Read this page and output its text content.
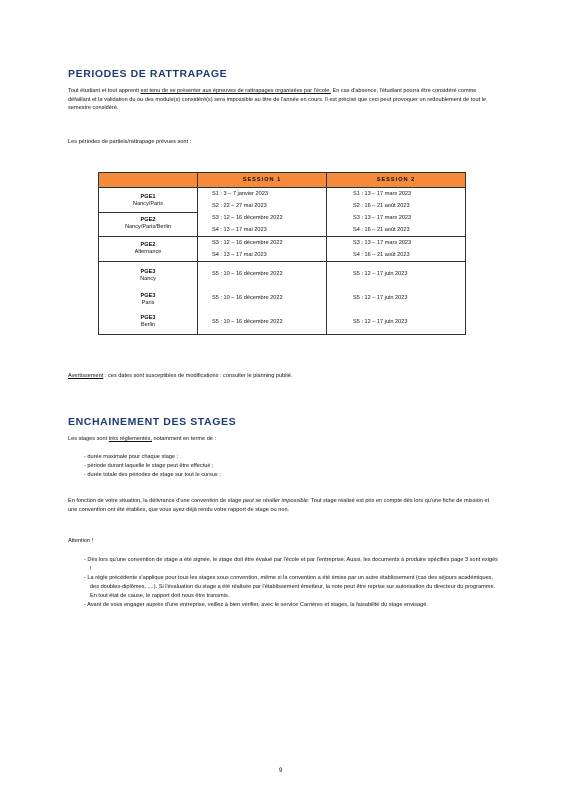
PERIODES DE RATTRAPAGE
Tout étudiant et tout apprenti est tenu de se présenter aux épreuves de rattrapages organisées par l'école. En cas d'absence, l'étudiant pourra être considéré comme défaillant et la validation du ou des module(s) considéré(s) sera impossible au titre de l'année en cours. Il est précisé que ceci peut provoquer un redoublement de tout le semestre considéré.
Les périodes de partiels/rattrapage prévues sont :
	SESSION 1	SESSION 2
PGE1
Nancy/Paris	S1 : 3 – 7 janvier 2023	S1 : 13 – 17 mars 2023
	S2 : 22 – 27 mai 2023	S2 : 16 – 21 août 2023
PGE2
Nancy/Paris/Berlin	S3 : 12 – 16 décembre 2022	S3 : 13 – 17 mars 2023
	S4 : 13 – 17 mai 2023	S4 : 16 – 21 août 2023
PGE2
Alternance	S3 : 12 – 16 décembre 2022	S3 : 13 – 17 mars 2023
	S4 : 13 – 17 mai 2023	S4 : 16 – 21 août 2023
PGE3
Nancy	S5 : 10 – 16 décembre 2022	S5 : 12 – 17 juin 2023
PGE3
Paris	S5 : 10 – 16 décembre 2022	S5 : 12 – 17 juin 2023
PGE3
Berlin	S5 : 10 – 16 décembre 2022	S5 : 12 – 17 juin 2023
Avertissement : ces dates sont susceptibles de modifications : consulter le planning publié.
ENCHAINEMENT DES STAGES
Les stages sont très réglementés, notamment en terme de :
- durée maximale pour chaque stage ;
- période durant laquelle le stage peut être effectué ;
- durée totale des périodes de stage sur tout le cursus ;
En fonction de votre situation, la délivrance d'une convention de stage peut se révéler impossible. Tout stage réalisé est pris en compte dès lors qu'une fiche de mission et une convention ont été établies, que vous ayez déjà rendu votre rapport de stage ou non.
Attention !
- Dès lors qu'une convention de stage a été signée, le stage doit être évalué par l'école et par l'entreprise. Aussi, les documents à produire spécifiés page 3 sont exigés !
- La règle précédente s'applique pour tous les stages sous convention, même si la convention a été émise par un autre établissement (cas des séjours académiques, des doubles-diplômes, ....). Si l'évaluation du stage a été réalisée par l'établissement émetteur, la note peut être reprise sur autorisation du directeur du programme. En tout état de cause, le rapport doit nous être transmis.
- Avant de vous engager auprès d'une entreprise, veillez à bien vérifier, avec le service Carrières et stages, la faisabilité du stage envisagé.
9
